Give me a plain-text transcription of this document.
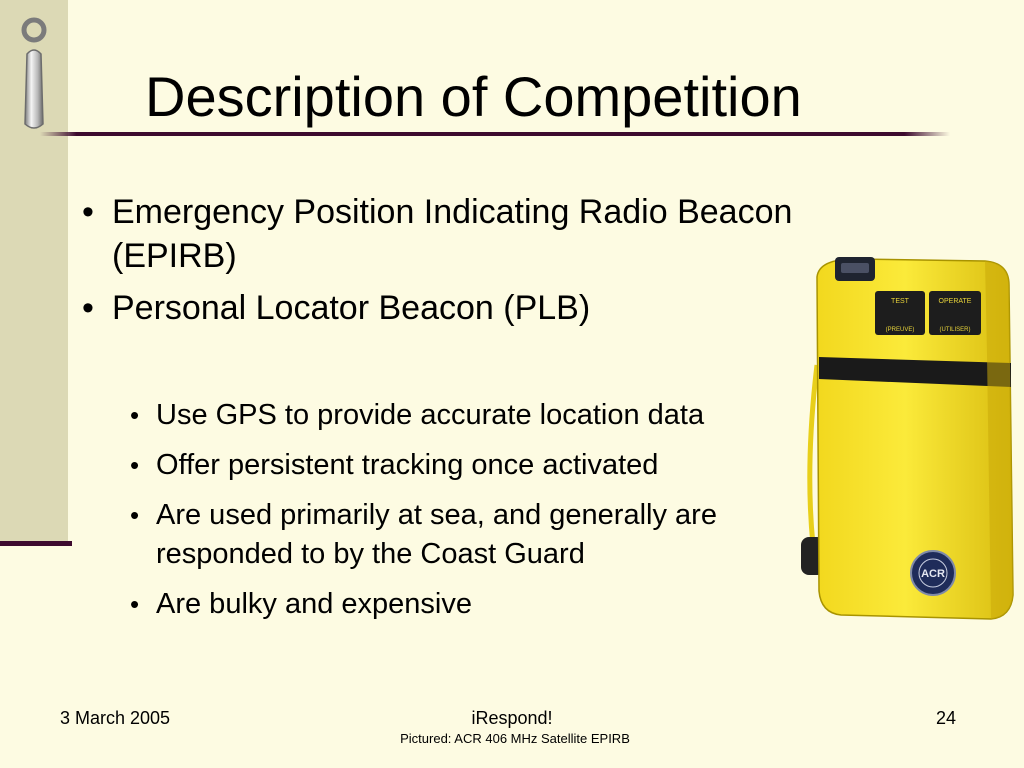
Description of Competition
• Emergency Position Indicating Radio Beacon (EPIRB)
• Personal Locator Beacon (PLB)
• Use GPS to provide accurate location data
• Offer persistent tracking once activated
• Are used primarily at sea, and generally are responded to by the Coast Guard
• Are bulky and expensive
TEST
(PREUVE)
OPERATE
(UTILISER)
ACR
3 March 2005	iRespond!	24
Pictured: ACR 406 MHz Satellite EPIRB
